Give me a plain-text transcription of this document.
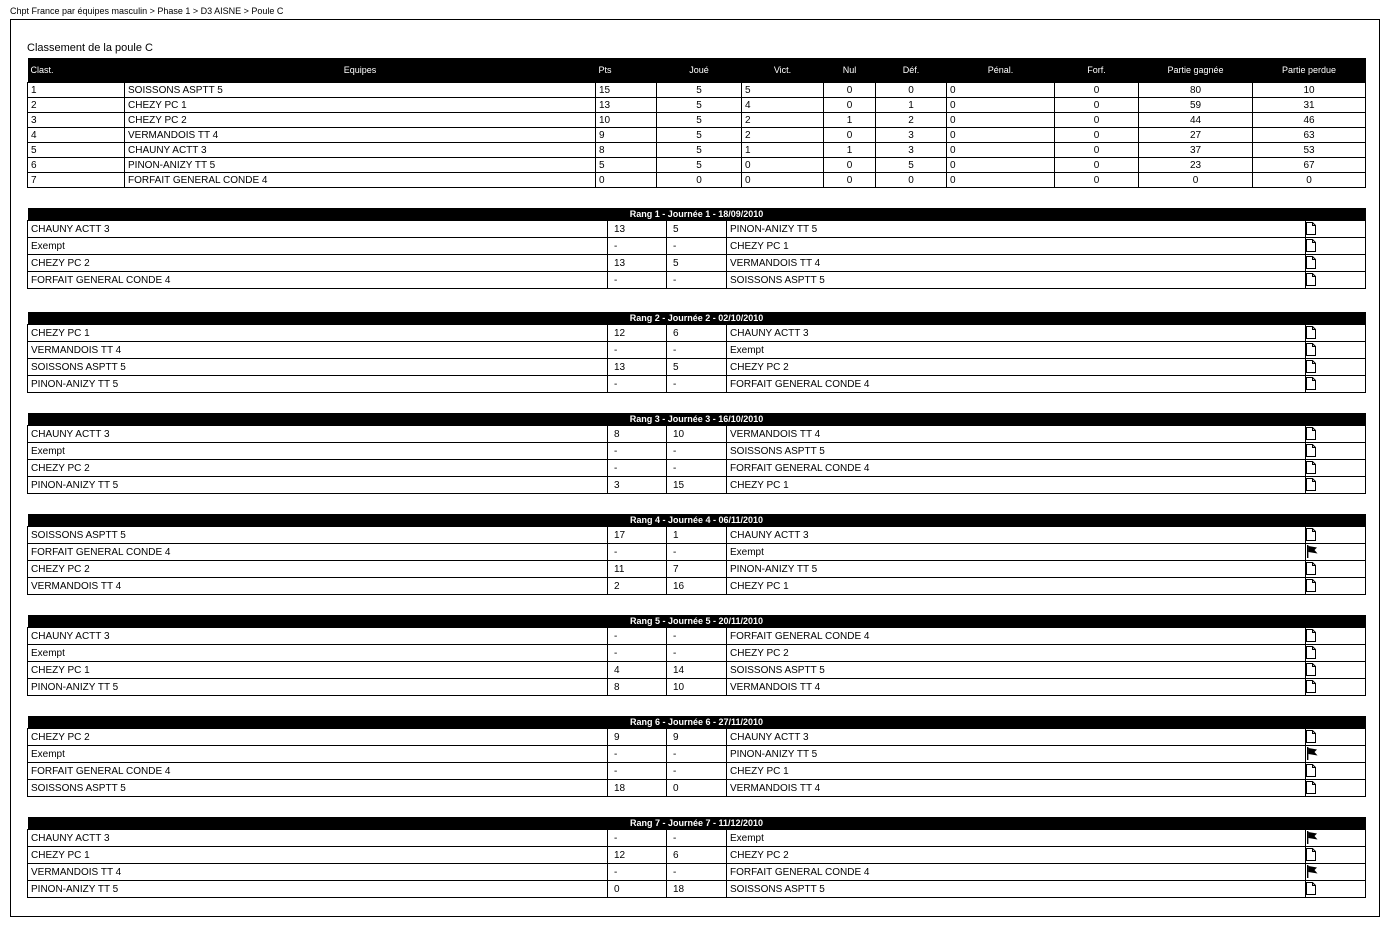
Chpt France par équipes masculin > Phase 1 > D3 AISNE > Poule C
Classement de la poule C
Clast.	Equipes	Pts	Joué	Vict.	Nul	Déf.	Pénal.	Forf.	Partie gagnée	Partie perdue
1	SOISSONS ASPTT 5	15	5	5	0	0	0	0	80	10
2	CHEZY PC 1	13	5	4	0	1	0	0	59	31
3	CHEZY PC 2	10	5	2	1	2	0	0	44	46
4	VERMANDOIS TT 4	9	5	2	0	3	0	0	27	63
5	CHAUNY ACTT 3	8	5	1	1	3	0	0	37	53
6	PINON-ANIZY TT 5	5	5	0	0	5	0	0	23	67
7	FORFAIT GENERAL CONDE 4	0	0	0	0	0	0	0	0	0
Rang 1 - Journée 1 - 18/09/2010				
CHAUNY ACTT 3	13	5	PINON-ANIZY TT 5	

Exempt	-	-	CHEZY PC 1	

CHEZY PC 2	13	5	VERMANDOIS TT 4	

FORFAIT GENERAL CONDE 4	-	-	SOISSONS ASPTT 5	
Rang 2 - Journée 2 - 02/10/2010				
CHEZY PC 1	12	6	CHAUNY ACTT 3	

VERMANDOIS TT 4	-	-	Exempt	

SOISSONS ASPTT 5	13	5	CHEZY PC 2	

PINON-ANIZY TT 5	-	-	FORFAIT GENERAL CONDE 4	
Rang 3 - Journée 3 - 16/10/2010				
CHAUNY ACTT 3	8	10	VERMANDOIS TT 4	

Exempt	-	-	SOISSONS ASPTT 5	

CHEZY PC 2	-	-	FORFAIT GENERAL CONDE 4	

PINON-ANIZY TT 5	3	15	CHEZY PC 1	
Rang 4 - Journée 4 - 06/11/2010				
SOISSONS ASPTT 5	17	1	CHAUNY ACTT 3	

FORFAIT GENERAL CONDE 4	-	-	Exempt	

CHEZY PC 2	11	7	PINON-ANIZY TT 5	

VERMANDOIS TT 4	2	16	CHEZY PC 1	
Rang 5 - Journée 5 - 20/11/2010				
CHAUNY ACTT 3	-	-	FORFAIT GENERAL CONDE 4	

Exempt	-	-	CHEZY PC 2	

CHEZY PC 1	4	14	SOISSONS ASPTT 5	

PINON-ANIZY TT 5	8	10	VERMANDOIS TT 4	
Rang 6 - Journée 6 - 27/11/2010				
CHEZY PC 2	9	9	CHAUNY ACTT 3	

Exempt	-	-	PINON-ANIZY TT 5	

FORFAIT GENERAL CONDE 4	-	-	CHEZY PC 1	

SOISSONS ASPTT 5	18	0	VERMANDOIS TT 4	
Rang 7 - Journée 7 - 11/12/2010				
CHAUNY ACTT 3	-	-	Exempt	

CHEZY PC 1	12	6	CHEZY PC 2	

VERMANDOIS TT 4	-	-	FORFAIT GENERAL CONDE 4	

PINON-ANIZY TT 5	0	18	SOISSONS ASPTT 5	
